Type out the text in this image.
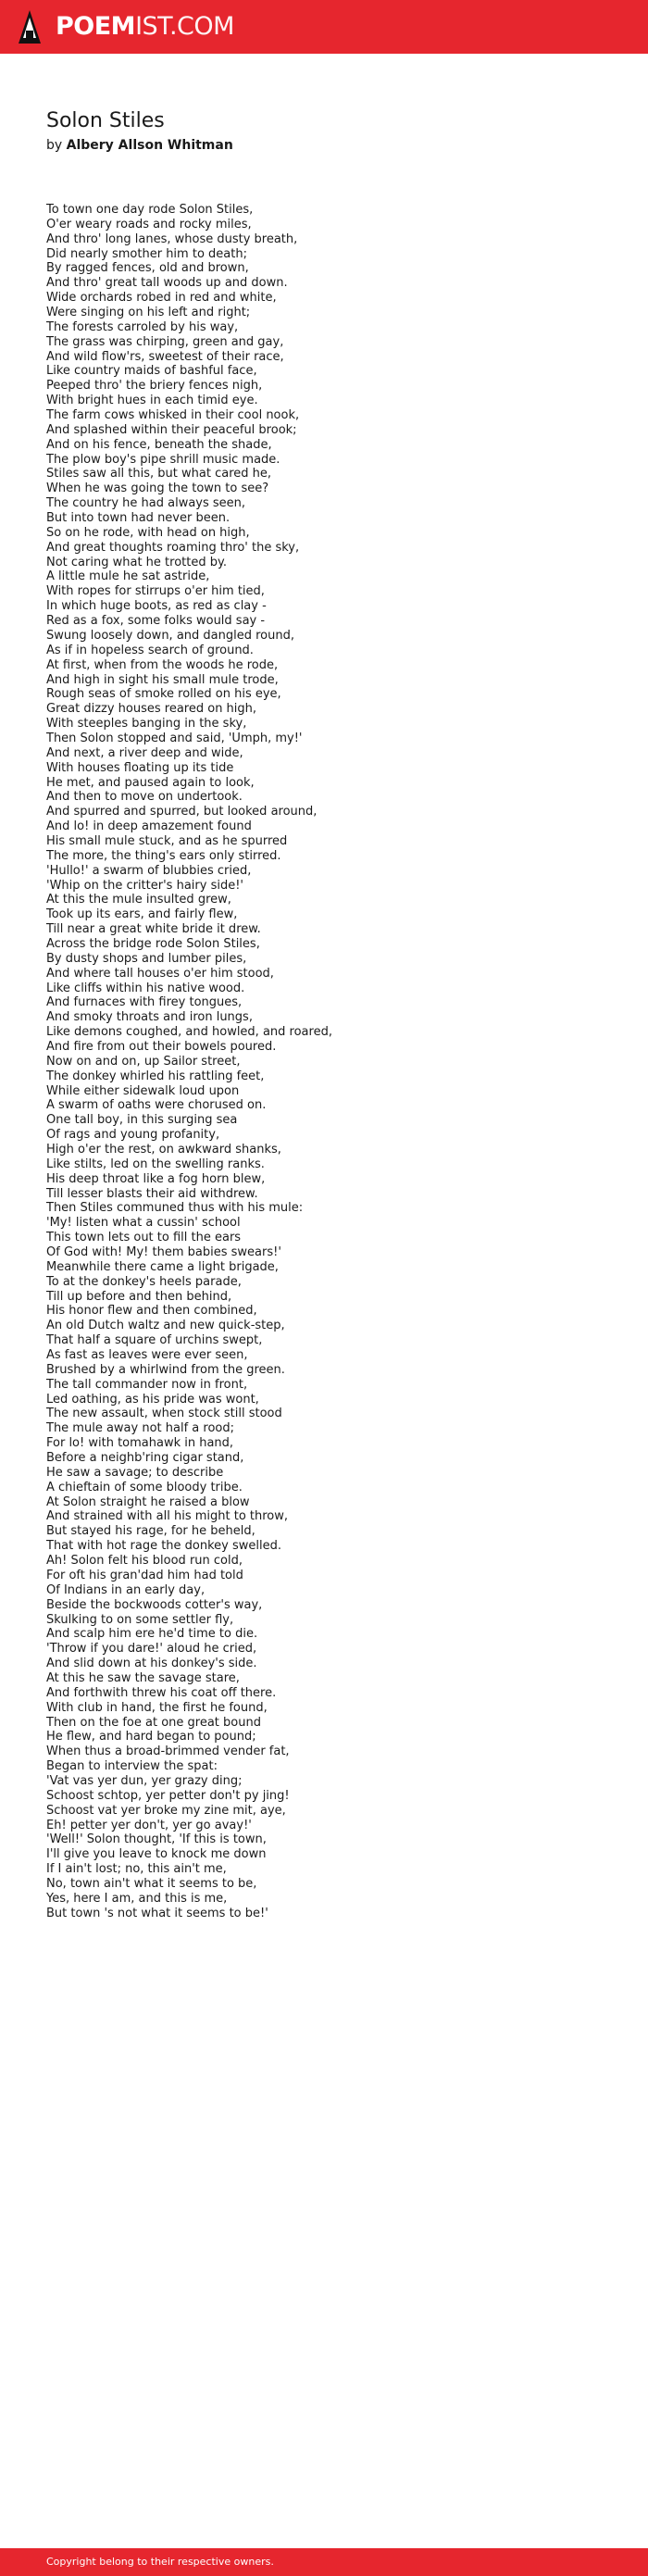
POEMIST.COM
Solon Stiles
by Albery Allson Whitman
To town one day rode Solon Stiles,
O'er weary roads and rocky miles,
And thro' long lanes, whose dusty breath,
Did nearly smother him to death;
By ragged fences, old and brown,
And thro' great tall woods up and down.
Wide orchards robed in red and white,
Were singing on his left and right;
The forests carroled by his way,
The grass was chirping, green and gay,
And wild flow'rs, sweetest of their race,
Like country maids of bashful face,
Peeped thro' the briery fences nigh,
With bright hues in each timid eye.
The farm cows whisked in their cool nook,
And splashed within their peaceful brook;
And on his fence, beneath the shade,
The plow boy's pipe shrill music made.
Stiles saw all this, but what cared he,
When he was going the town to see?
The country he had always seen,
But into town had never been.
So on he rode, with head on high,
And great thoughts roaming thro' the sky,
Not caring what he trotted by.
A little mule he sat astride,
With ropes for stirrups o'er him tied,
In which huge boots, as red as clay -
Red as a fox, some folks would say -
Swung loosely down, and dangled round,
As if in hopeless search of ground.
At first, when from the woods he rode,
And high in sight his small mule trode,
Rough seas of smoke rolled on his eye,
Great dizzy houses reared on high,
With steeples banging in the sky,
Then Solon stopped and said, 'Umph, my!'
And next, a river deep and wide,
With houses floating up its tide
He met, and paused again to look,
And then to move on undertook.
And spurred and spurred, but looked around,
And lo! in deep amazement found
His small mule stuck, and as he spurred
The more, the thing's ears only stirred.
'Hullo!' a swarm of blubbies cried,
'Whip on the critter's hairy side!'
At this the mule insulted grew,
Took up its ears, and fairly flew,
Till near a great white bride it drew.
Across the bridge rode Solon Stiles,
By dusty shops and lumber piles,
And where tall houses o'er him stood,
Like cliffs within his native wood.
And furnaces with firey tongues,
And smoky throats and iron lungs,
Like demons coughed, and howled, and roared,
And fire from out their bowels poured.
Now on and on, up Sailor street,
The donkey whirled his rattling feet,
While either sidewalk loud upon
A swarm of oaths were chorused on.
One tall boy, in this surging sea
Of rags and young profanity,
High o'er the rest, on awkward shanks,
Like stilts, led on the swelling ranks.
His deep throat like a fog horn blew,
Till lesser blasts their aid withdrew.
Then Stiles communed thus with his mule:
'My! listen what a cussin' school
This town lets out to fill the ears
Of God with! My! them babies swears!'
Meanwhile there came a light brigade,
To at the donkey's heels parade,
Till up before and then behind,
His honor flew and then combined,
An old Dutch waltz and new quick-step,
That half a square of urchins swept,
As fast as leaves were ever seen,
Brushed by a whirlwind from the green.
The tall commander now in front,
Led oathing, as his pride was wont,
The new assault, when stock still stood
The mule away not half a rood;
For lo! with tomahawk in hand,
Before a neighb'ring cigar stand,
He saw a savage; to describe
A chieftain of some bloody tribe.
At Solon straight he raised a blow
And strained with all his might to throw,
But stayed his rage, for he beheld,
That with hot rage the donkey swelled.
Ah! Solon felt his blood run cold,
For oft his gran'dad him had told
Of Indians in an early day,
Beside the bockwoods cotter's way,
Skulking to on some settler fly,
And scalp him ere he'd time to die.
'Throw if you dare!' aloud he cried,
And slid down at his donkey's side.
At this he saw the savage stare,
And forthwith threw his coat off there.
With club in hand, the first he found,
Then on the foe at one great bound
He flew, and hard began to pound;
When thus a broad-brimmed vender fat,
Began to interview the spat:
'Vat vas yer dun, yer grazy ding;
Schoost schtop, yer petter don't py jing!
Schoost vat yer broke my zine mit, aye,
Eh! petter yer don't, yer go avay!'
'Well!' Solon thought, 'If this is town,
I'll give you leave to knock me down
If I ain't lost; no, this ain't me,
No, town ain't what it seems to be,
Yes, here I am, and this is me,
But town 's not what it seems to be!'
Copyright belong to their respective owners.
